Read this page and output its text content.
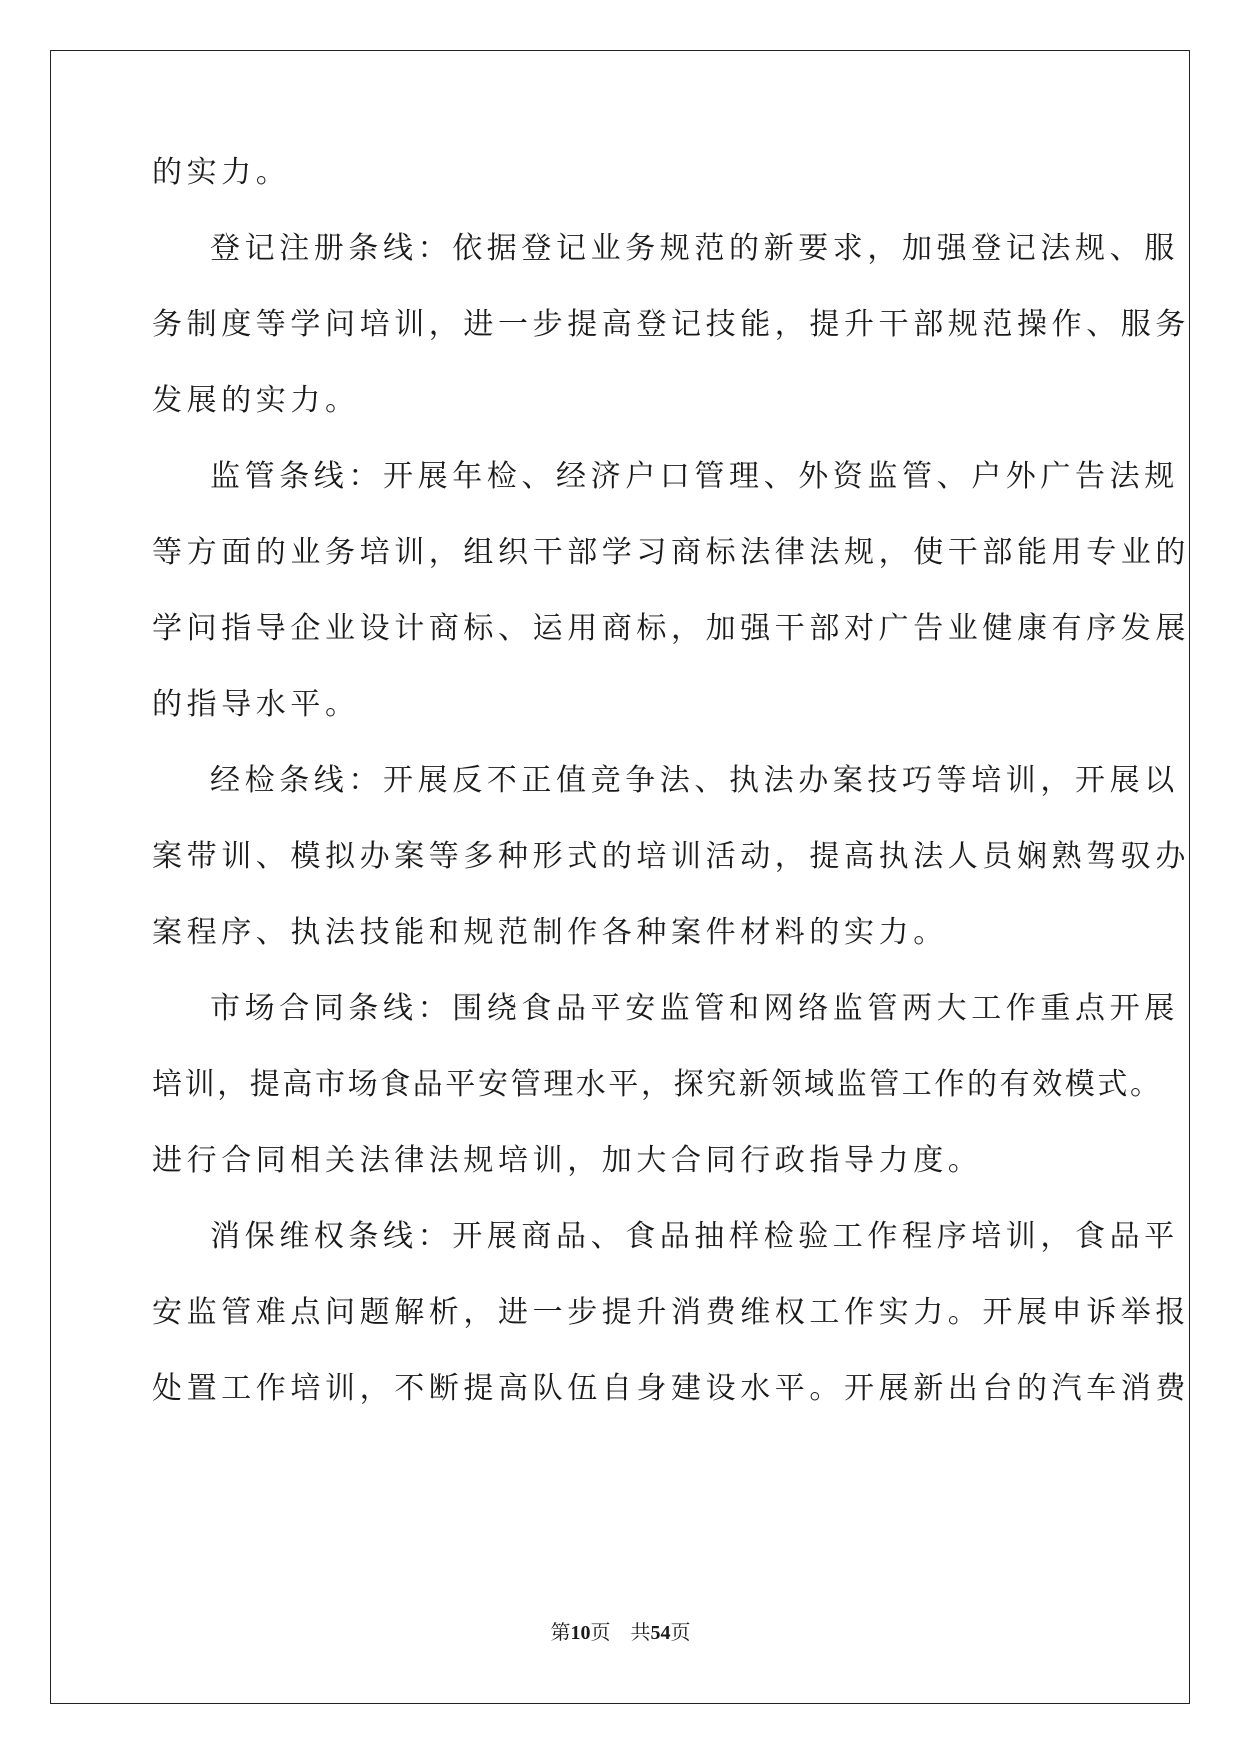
的实力。
登记注册条线：依据登记业务规范的新要求，加强登记法规、服
务制度等学问培训，进一步提高登记技能，提升干部规范操作、服务
发展的实力。
监管条线：开展年检、经济户口管理、外资监管、户外广告法规
等方面的业务培训，组织干部学习商标法律法规，使干部能用专业的
学问指导企业设计商标、运用商标，加强干部对广告业健康有序发展
的指导水平。
经检条线：开展反不正值竞争法、执法办案技巧等培训，开展以
案带训、模拟办案等多种形式的培训活动，提高执法人员娴熟驾驭办
案程序、执法技能和规范制作各种案件材料的实力。
市场合同条线：围绕食品平安监管和网络监管两大工作重点开展
培训，提高市场食品平安管理水平，探究新领域监管工作的有效模式。
进行合同相关法律法规培训，加大合同行政指导力度。
消保维权条线：开展商品、食品抽样检验工作程序培训，食品平
安监管难点问题解析，进一步提升消费维权工作实力。开展申诉举报
处置工作培训，不断提高队伍自身建设水平。开展新出台的汽车消费
第10页　共54页
